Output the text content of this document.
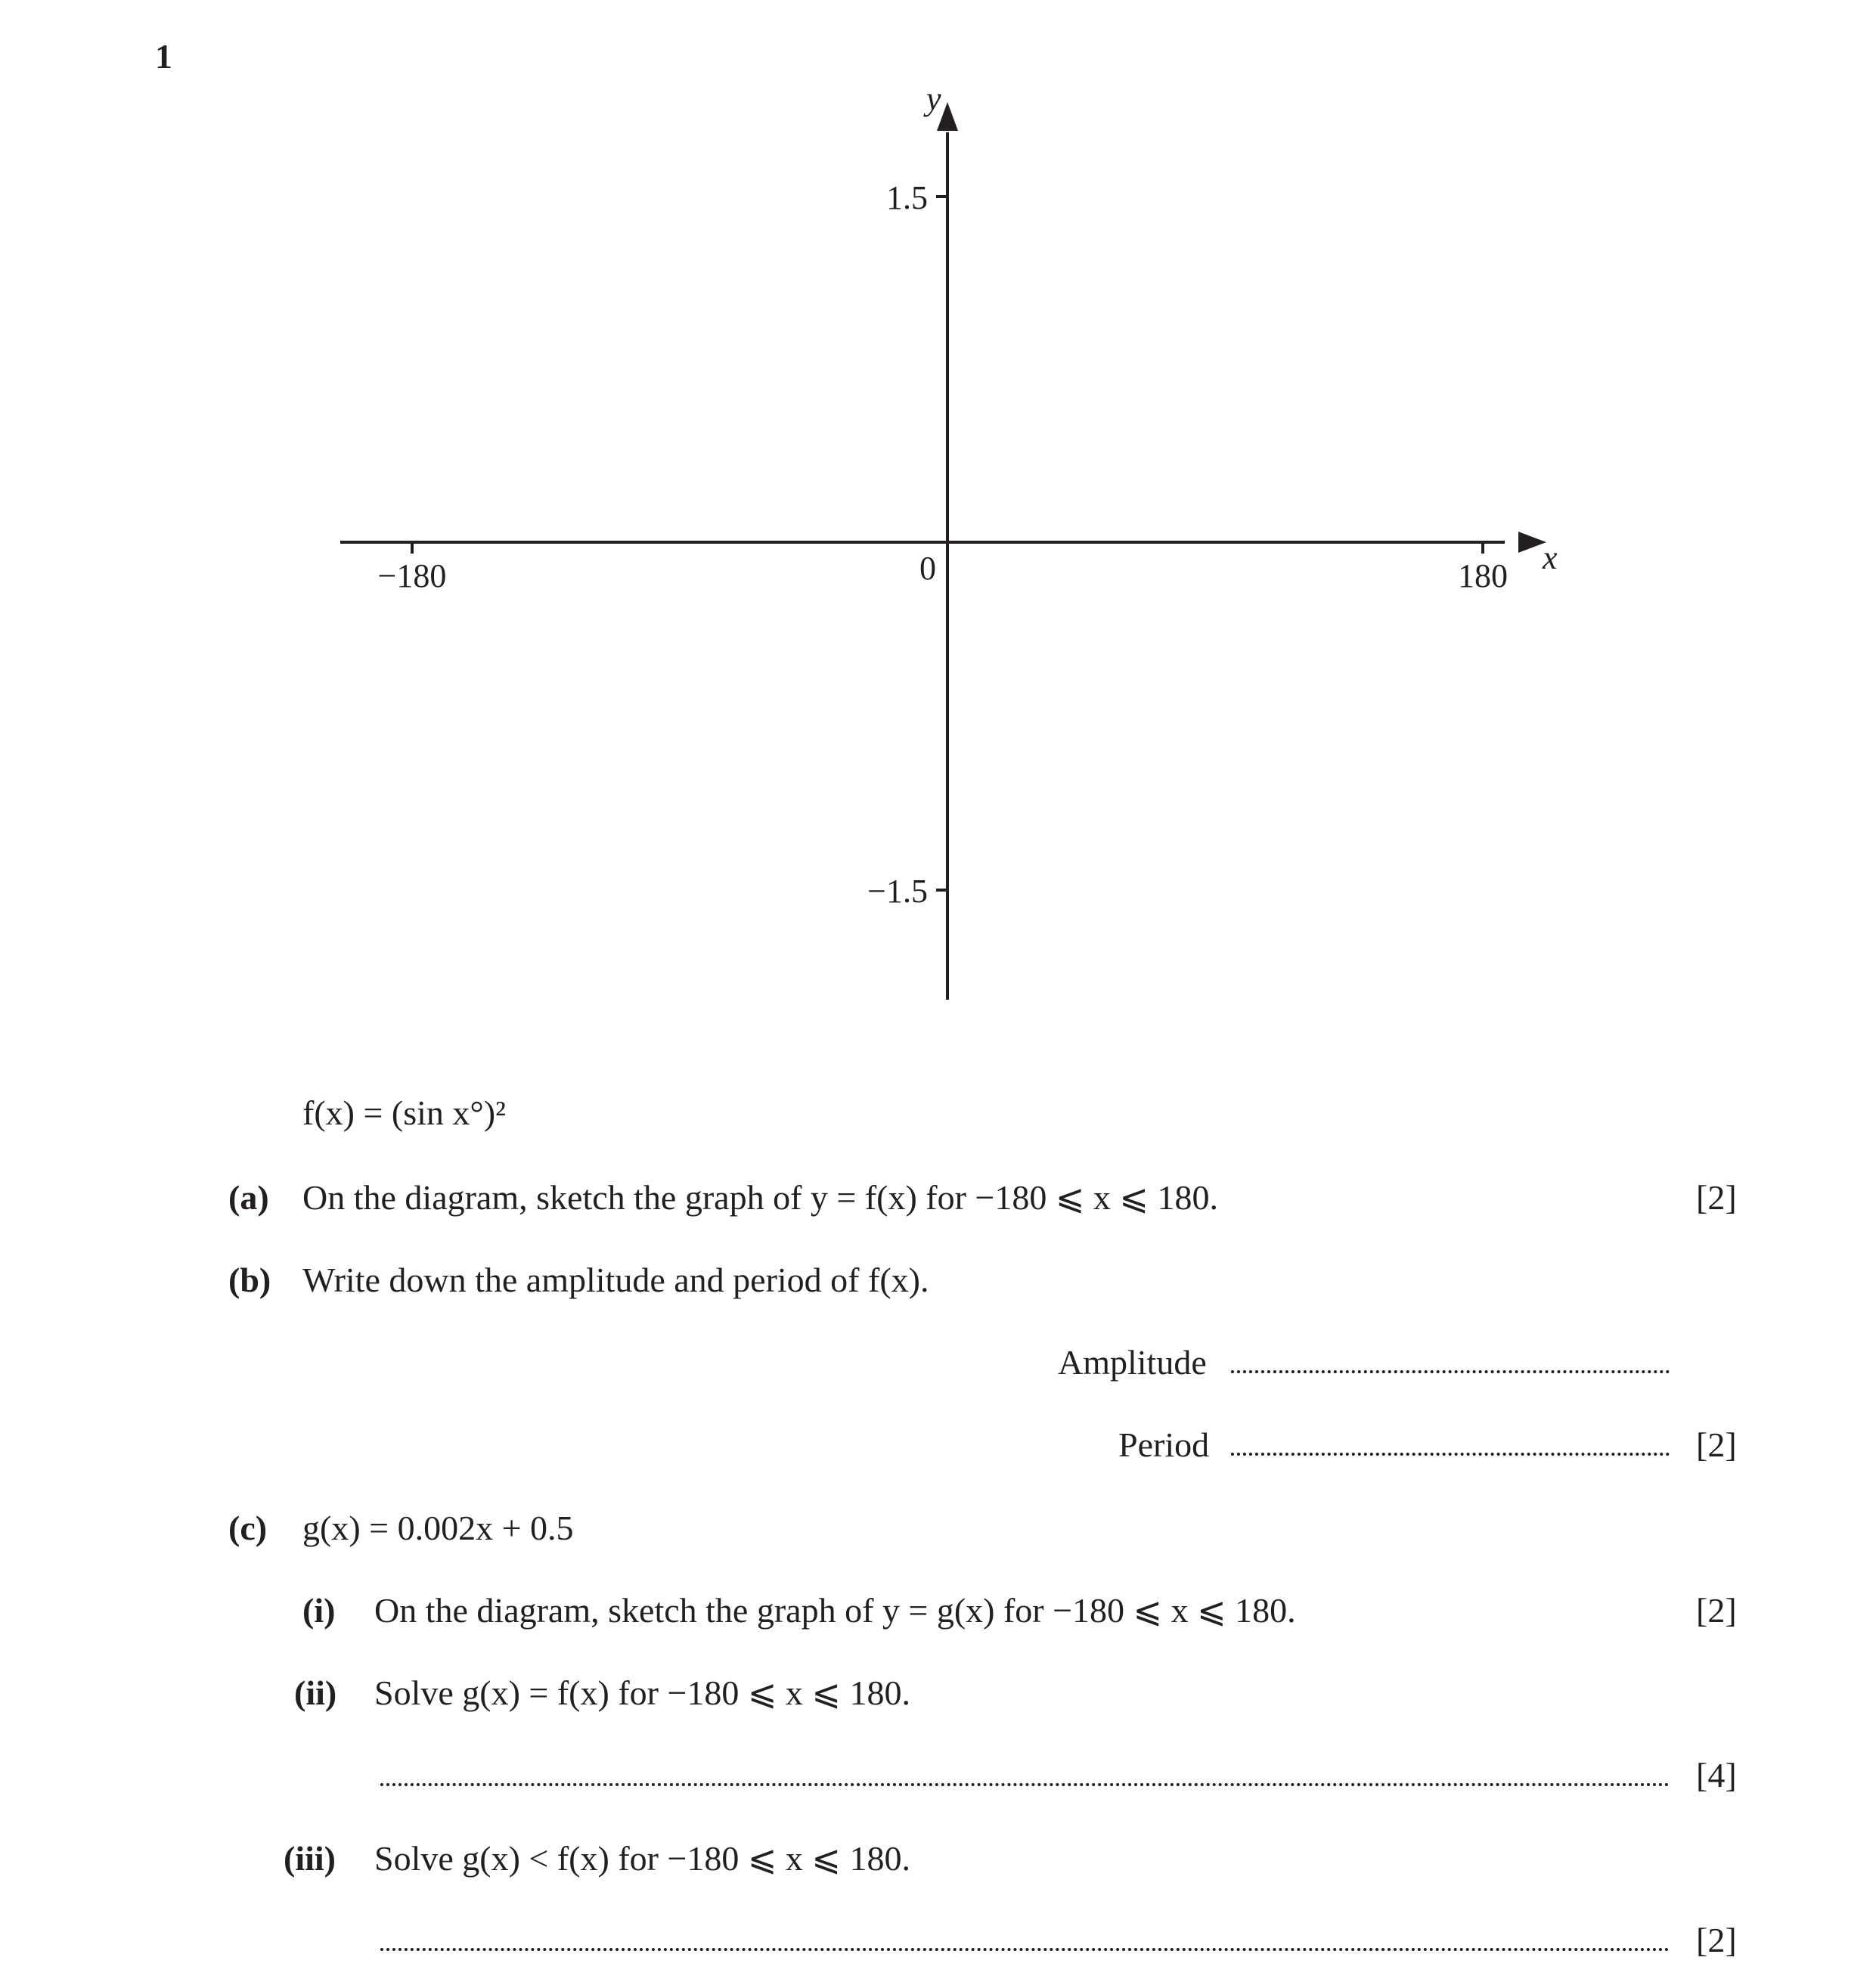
1
x
y
−180	0	180
1.5
−1.5
f(x) = (sin x°)²
(a) On the diagram, sketch the graph of y = f(x) for −180 ⩽ x ⩽ 180.	[2]
(b) Write down the amplitude and period of f(x).
Amplitude
Period	[2]
(c) g(x) = 0.002x + 0.5
(i) On the diagram, sketch the graph of y = g(x) for −180 ⩽ x ⩽ 180.	[2]
(ii) Solve g(x) = f(x) for −180 ⩽ x ⩽ 180.
[4]
(iii) Solve g(x) < f(x) for −180 ⩽ x ⩽ 180.
[2]
